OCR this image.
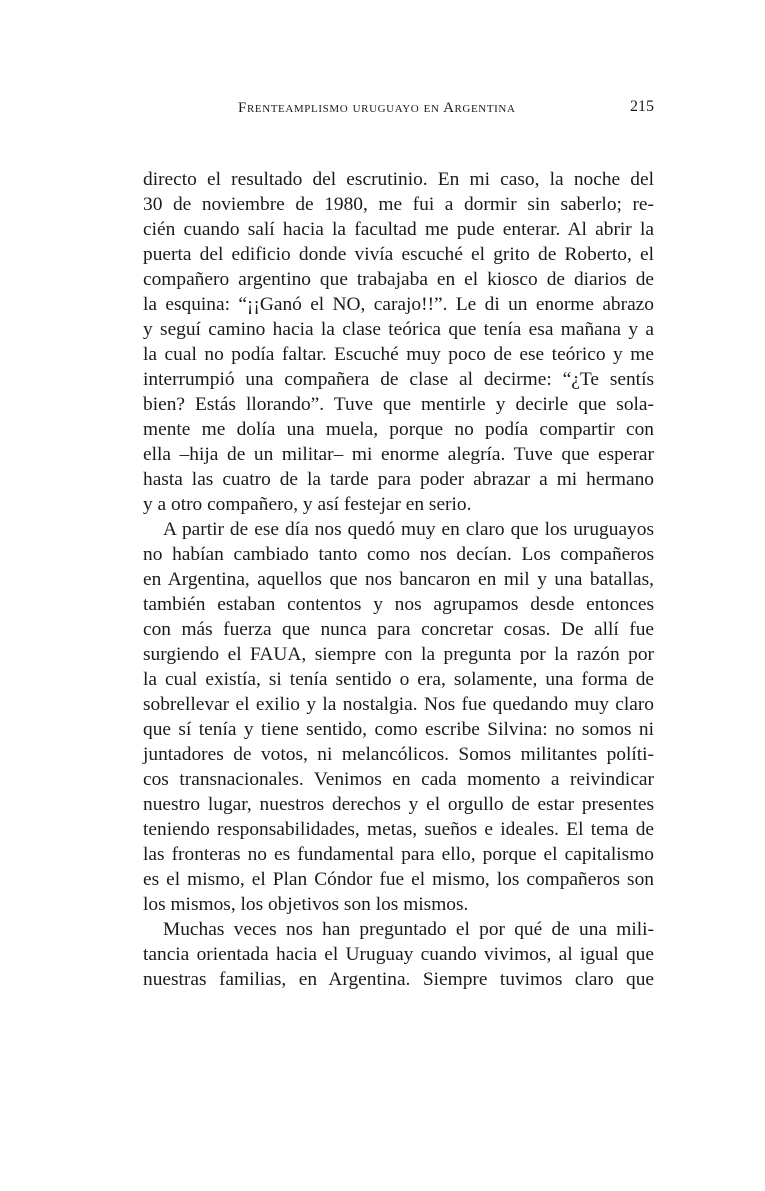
Frenteamplismo uruguayo en Argentina	215
directo el resultado del escrutinio. En mi caso, la noche del
30 de noviembre de 1980, me fui a dormir sin saberlo; re-
cién cuando salí hacia la facultad me pude enterar. Al abrir la
puerta del edificio donde vivía escuché el grito de Roberto, el
compañero argentino que trabajaba en el kiosco de diarios de
la esquina: “¡¡Ganó el NO, carajo!!”. Le di un enorme abrazo
y seguí camino hacia la clase teórica que tenía esa mañana y a
la cual no podía faltar. Escuché muy poco de ese teórico y me
interrumpió una compañera de clase al decirme: “¿Te sentís
bien? Estás llorando”. Tuve que mentirle y decirle que sola-
mente me dolía una muela, porque no podía compartir con
ella –hija de un militar– mi enorme alegría. Tuve que esperar
hasta las cuatro de la tarde para poder abrazar a mi hermano
y a otro compañero, y así festejar en serio.
A partir de ese día nos quedó muy en claro que los uruguayos
no habían cambiado tanto como nos decían. Los compañeros
en Argentina, aquellos que nos bancaron en mil y una batallas,
también estaban contentos y nos agrupamos desde entonces
con más fuerza que nunca para concretar cosas. De allí fue
surgiendo el FAUA, siempre con la pregunta por la razón por
la cual existía, si tenía sentido o era, solamente, una forma de
sobrellevar el exilio y la nostalgia. Nos fue quedando muy claro
que sí tenía y tiene sentido, como escribe Silvina: no somos ni
juntadores de votos, ni melancólicos. Somos militantes políti-
cos transnacionales. Venimos en cada momento a reivindicar
nuestro lugar, nuestros derechos y el orgullo de estar presentes
teniendo responsabilidades, metas, sueños e ideales. El tema de
las fronteras no es fundamental para ello, porque el capitalismo
es el mismo, el Plan Cóndor fue el mismo, los compañeros son
los mismos, los objetivos son los mismos.
Muchas veces nos han preguntado el por qué de una mili-
tancia orientada hacia el Uruguay cuando vivimos, al igual que
nuestras familias, en Argentina. Siempre tuvimos claro que
